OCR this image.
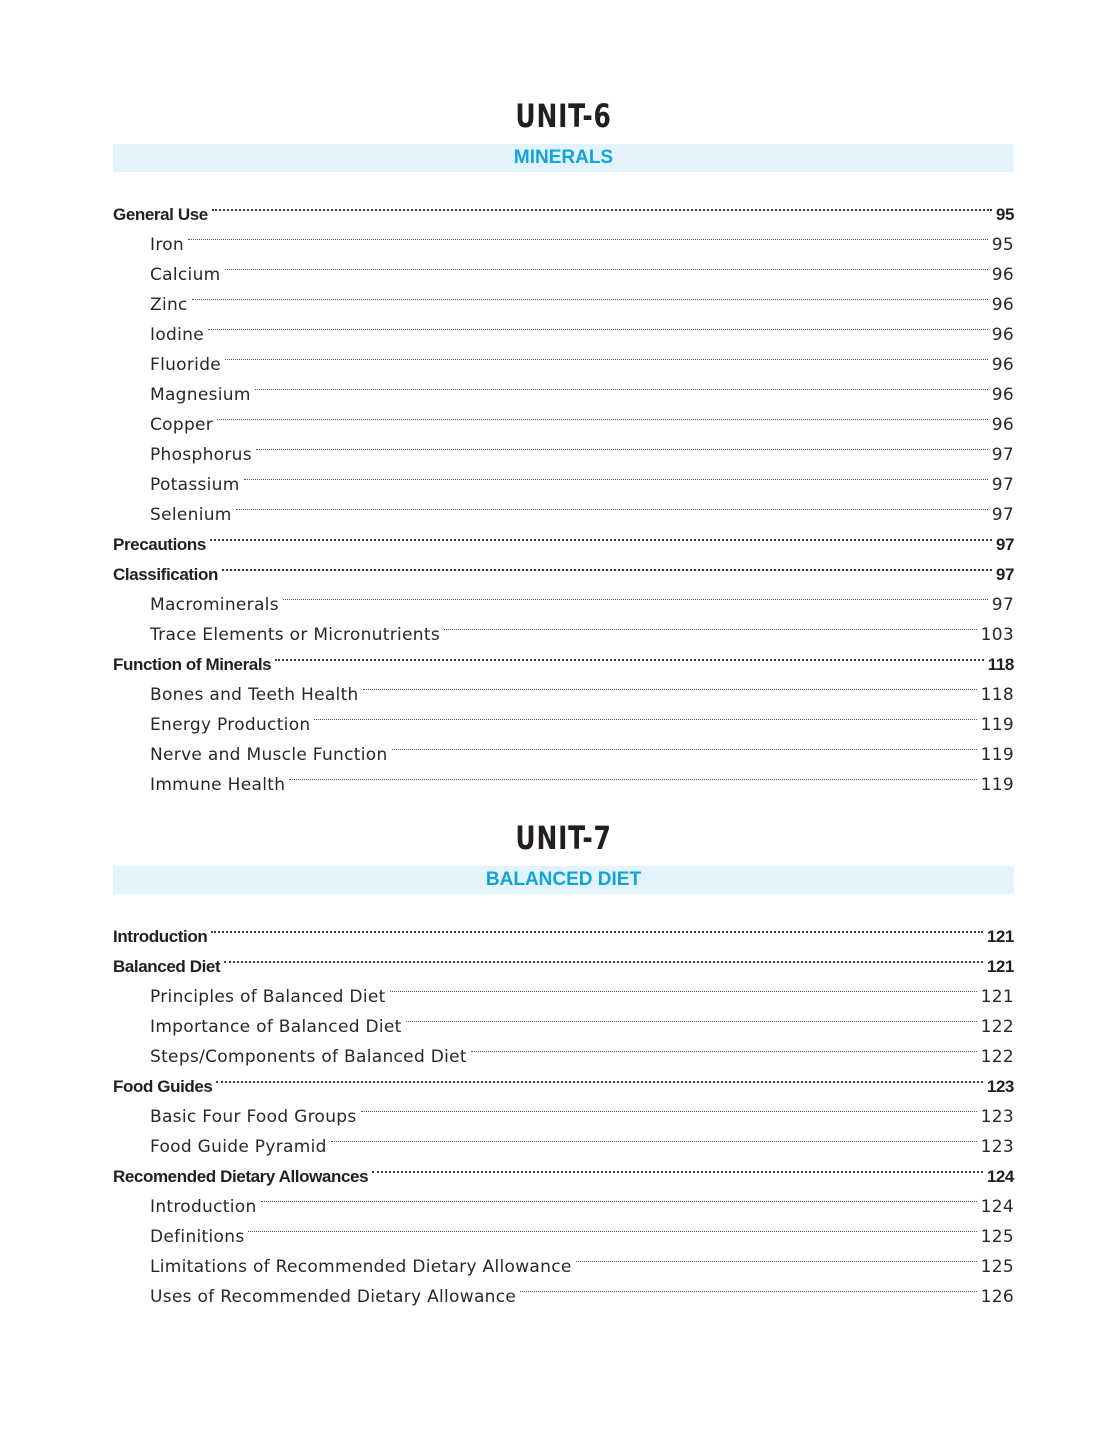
UNIT-6
MINERALS
General Use	95
Iron	95
Calcium	96
Zinc	96
Iodine	96
Fluoride	96
Magnesium	96
Copper	96
Phosphorus	97
Potassium	97
Selenium	97
Precautions	97
Classification	97
Macrominerals	97
Trace Elements or Micronutrients	103
Function of Minerals	118
Bones and Teeth Health	118
Energy Production	119
Nerve and Muscle Function	119
Immune Health	119
UNIT-7
BALANCED DIET
Introduction	121
Balanced Diet	121
Principles of Balanced Diet	121
Importance of Balanced Diet	122
Steps/Components of Balanced Diet	122
Food Guides	123
Basic Four Food Groups	123
Food Guide Pyramid	123
Recomended Dietary Allowances	124
Introduction	124
Definitions	125
Limitations of Recommended Dietary Allowance	125
Uses of Recommended Dietary Allowance	126
